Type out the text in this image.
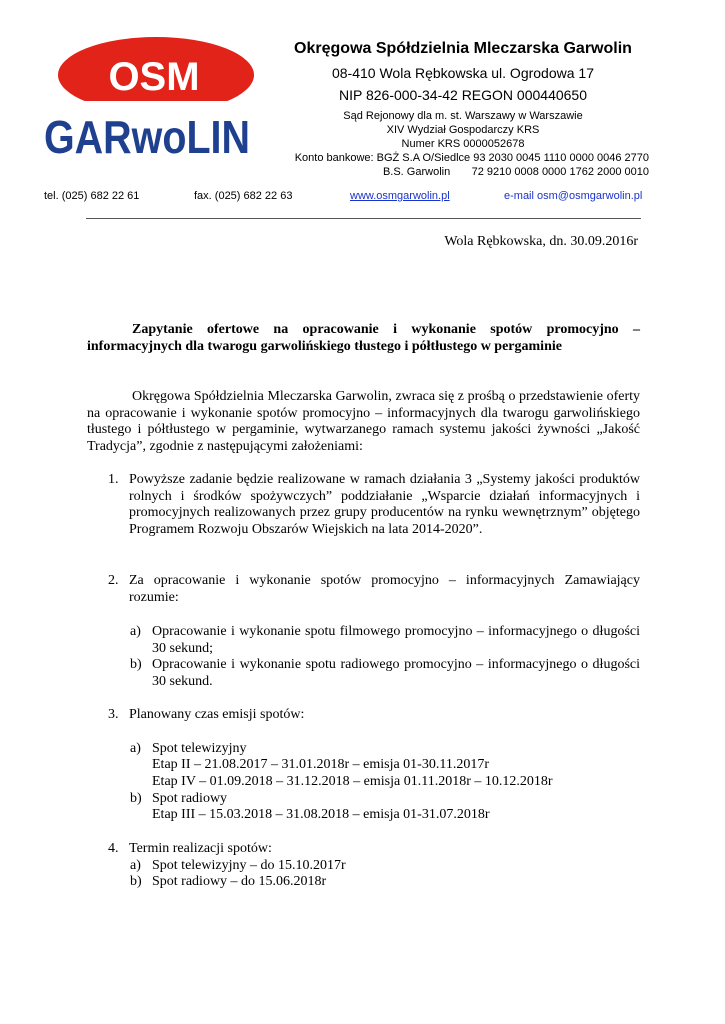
OSM
GARwoLIN
Okręgowa Spółdzielnia Mleczarska Garwolin
08-410 Wola Rębkowska ul. Ogrodowa 17
NIP 826-000-34-42 REGON 000440650
Sąd Rejonowy dla m. st. Warszawy w Warszawie
XIV Wydział Gospodarczy KRS
Numer KRS 0000052678
Konto bankowe: BGŻ S.A O/Siedlce 93 2030 0045 1110 0000 0046 2770
B.S. Garwolin       72 9210 0008 0000 1762 2000 0010
tel. (025) 682 22 61	fax. (025) 682 22 63	www.osmgarwolin.pl	e-mail osm@osmgarwolin.pl
Wola Rębkowska, dn. 30.09.2016r
Zapytanie ofertowe na opracowanie i wykonanie spotów promocyjno – informacyjnych dla twarogu garwolińskiego tłustego i półtłustego w pergaminie
Okręgowa Spółdzielnia Mleczarska Garwolin, zwraca się z prośbą o przedstawienie oferty na opracowanie i wykonanie spotów promocyjno – informacyjnych dla twarogu garwolińskiego tłustego i półtłustego w pergaminie, wytwarzanego ramach systemu jakości żywności „Jakość Tradycja”, zgodnie z następującymi założeniami:
1. Powyższe zadanie będzie realizowane w ramach działania 3 „Systemy jakości produktów rolnych i środków spożywczych” poddziałanie „Wsparcie działań informacyjnych i promocyjnych realizowanych przez grupy producentów na rynku wewnętrznym” objętego Programem Rozwoju Obszarów Wiejskich na lata 2014-2020”.
2. Za opracowanie i wykonanie spotów promocyjno – informacyjnych Zamawiający rozumie:
a) Opracowanie i wykonanie spotu filmowego promocyjno – informacyjnego o długości 30 sekund;
b) Opracowanie i wykonanie spotu radiowego promocyjno – informacyjnego o długości 30 sekund.
3. Planowany czas emisji spotów:
a) Spot telewizyjny
Etap II – 21.08.2017 – 31.01.2018r – emisja 01-30.11.2017r
Etap IV – 01.09.2018 – 31.12.2018 – emisja 01.11.2018r – 10.12.2018r
b) Spot radiowy
Etap III – 15.03.2018 – 31.08.2018 – emisja 01-31.07.2018r
4. Termin realizacji spotów:
a) Spot telewizyjny – do 15.10.2017r
b) Spot radiowy – do 15.06.2018r
